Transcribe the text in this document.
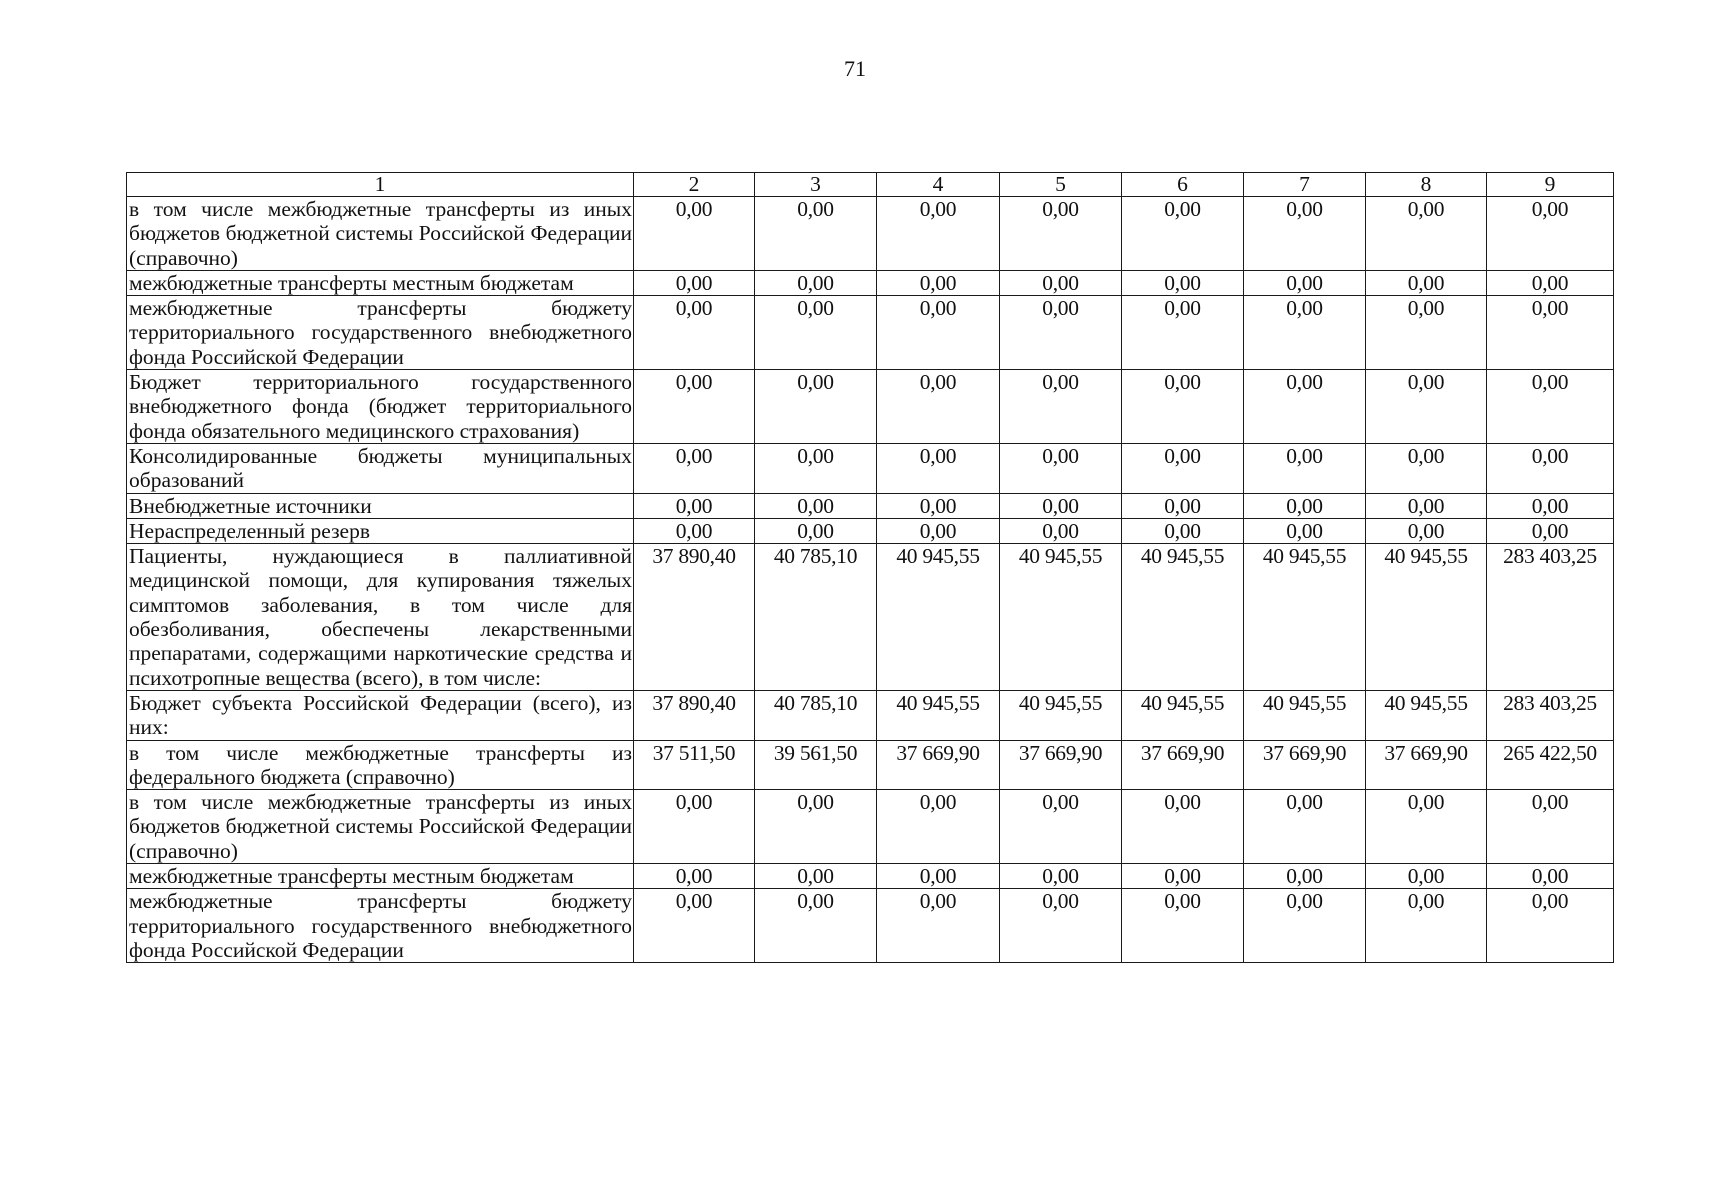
71
1	2	3	4	5	6	7	8	9
в том числе межбюджетные трансферты из иных бюджетов бюджетной системы Российской Федерации (справочно)	0,00	0,00	0,00	0,00	0,00	0,00	0,00	0,00
межбюджетные трансферты местным бюджетам	0,00	0,00	0,00	0,00	0,00	0,00	0,00	0,00
межбюджетные трансферты бюджету территориального государственного внебюджетного фонда Российской Федерации	0,00	0,00	0,00	0,00	0,00	0,00	0,00	0,00
Бюджет территориального государственного внебюджетного фонда (бюджет территориального фонда обязательного медицинского страхования)	0,00	0,00	0,00	0,00	0,00	0,00	0,00	0,00
Консолидированные бюджеты муниципальных образований	0,00	0,00	0,00	0,00	0,00	0,00	0,00	0,00
Внебюджетные источники	0,00	0,00	0,00	0,00	0,00	0,00	0,00	0,00
Нераспределенный резерв	0,00	0,00	0,00	0,00	0,00	0,00	0,00	0,00
Пациенты, нуждающиеся в паллиативной медицинской помощи, для купирования тяжелых симптомов заболевания, в том числе для обезболивания, обеспечены лекарственными препаратами, содержащими наркотические средства и психотропные вещества (всего), в том числе:	37 890,40	40 785,10	40 945,55	40 945,55	40 945,55	40 945,55	40 945,55	283 403,25
Бюджет субъекта Российской Федерации (всего), из них:	37 890,40	40 785,10	40 945,55	40 945,55	40 945,55	40 945,55	40 945,55	283 403,25
в том числе межбюджетные трансферты из федерального бюджета (справочно)	37 511,50	39 561,50	37 669,90	37 669,90	37 669,90	37 669,90	37 669,90	265 422,50
в том числе межбюджетные трансферты из иных бюджетов бюджетной системы Российской Федерации (справочно)	0,00	0,00	0,00	0,00	0,00	0,00	0,00	0,00
межбюджетные трансферты местным бюджетам	0,00	0,00	0,00	0,00	0,00	0,00	0,00	0,00
межбюджетные трансферты бюджету территориального государственного внебюджетного фонда Российской Федерации	0,00	0,00	0,00	0,00	0,00	0,00	0,00	0,00
